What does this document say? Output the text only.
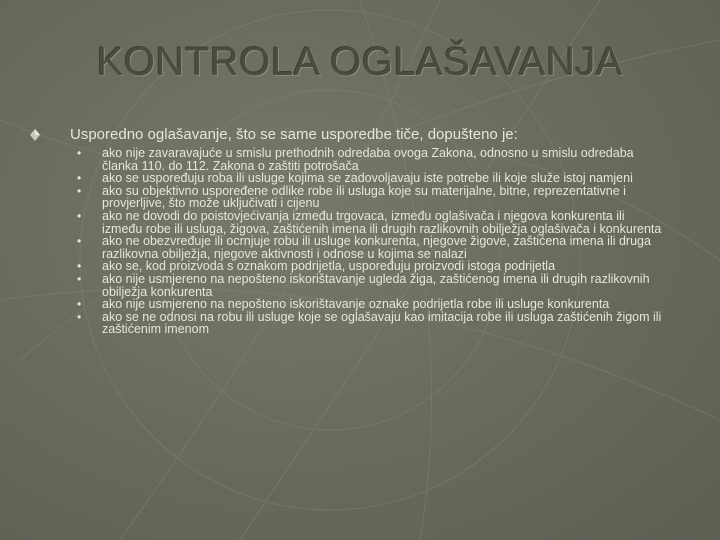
KONTROLA OGLAŠAVANJA
Usporedno oglašavanje, što se same usporedbe tiče, dopušteno je:
• ako nije zavaravajuće u smislu prethodnih odredaba ovoga Zakona, odnosno u smislu odredaba članka 110. do 112. Zakona o zaštiti potrošača
• ako se uspoređuju roba ili usluge kojima se zadovoljavaju iste potrebe ili koje služe istoj namjeni
• ako su objektivno uspoređene odlike robe ili usluga koje su materijalne, bitne, reprezentativne i provjerljive, što može uključivati i cijenu
• ako ne dovodi do poistovjećivanja između trgovaca, između oglašivača i njegova konkurenta ili između robe ili usluga, žigova, zaštićenih imena ili drugih razlikovnih obilježja oglašivača i konkurenta
• ako ne obezvređuje ili ocrnjuje robu ili usluge konkurenta, njegove žigove, zaštićena imena ili druga razlikovna obilježja, njegove aktivnosti i odnose u kojima se nalazi
• ako se, kod proizvoda s oznakom podrijetla, uspoređuju proizvodi istoga podrijetla
• ako nije usmjereno na nepošteno iskorištavanje ugleda žiga, zaštićenog imena ili drugih razlikovnih obilježja konkurenta
• ako nije usmjereno na nepošteno iskorištavanje oznake podrijetla robe ili usluge konkurenta
• ako se ne odnosi na robu ili usluge koje se oglašavaju kao imitacija robe ili usluga zaštićenih žigom ili zaštićenim imenom
